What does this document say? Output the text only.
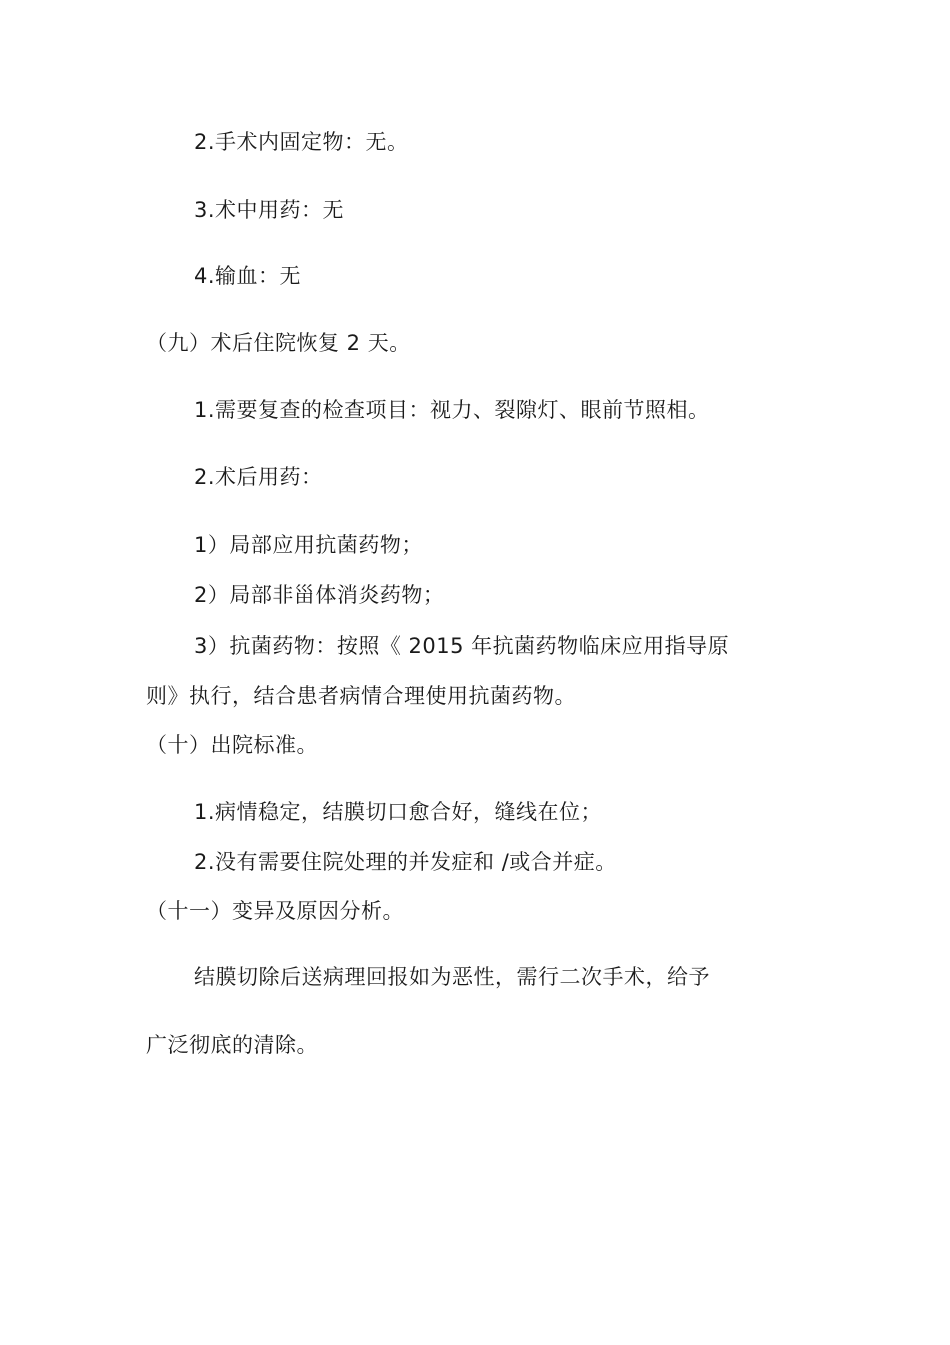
2.手术内固定物：无。
3.术中用药：无
4.输血：无
（九）术后住院恢复 2 天。
1.需要复查的检查项目：视力、裂隙灯、眼前节照相。
2.术后用药：
1）局部应用抗菌药物；
2）局部非甾体消炎药物；
3）抗菌药物：按照《 2015 年抗菌药物临床应用指导原
则》执行，结合患者病情合理使用抗菌药物。
（十）出院标准。
1.病情稳定，结膜切口愈合好，缝线在位；
2.没有需要住院处理的并发症和 /或合并症。
（十一）变异及原因分析。
结膜切除后送病理回报如为恶性，需行二次手术，给予
广泛彻底的清除。
